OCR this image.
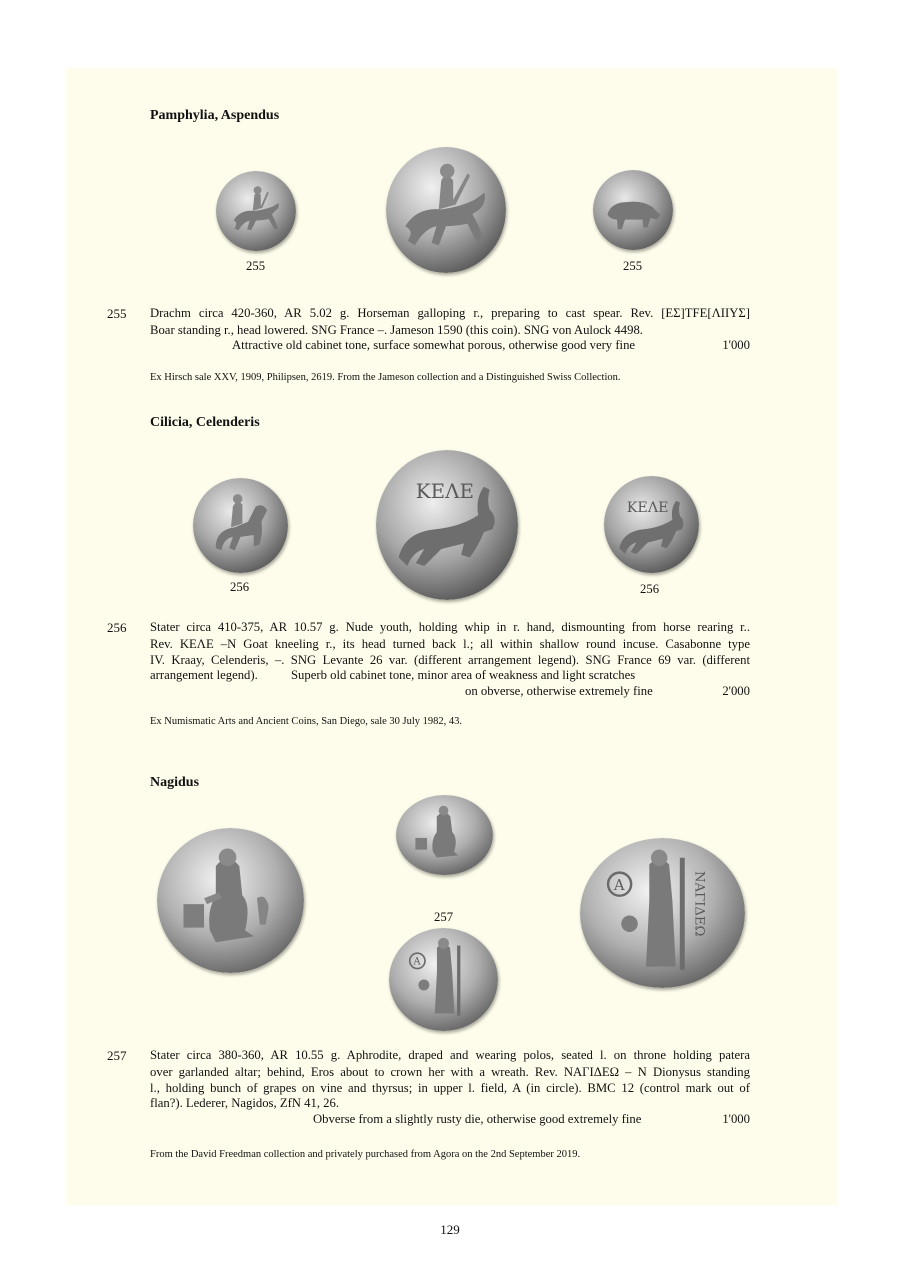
Pamphylia, Aspendus
255	255
255 Drachm circa 420-360, AR 5.02 g. Horseman galloping r., preparing to cast spear. Rev. [ΕΣ]ΤFΕ[ΛΙΙΥΣ]
Boar standing r., head lowered. SNG France –. Jameson 1590 (this coin). SNG von Aulock 4498.
Attractive old cabinet tone, surface somewhat porous, otherwise good very fine	1'000
Ex Hirsch sale XXV, 1909, Philipsen, 2619. From the Jameson collection and a Distinguished Swiss Collection.
Cilicia, Celenderis
ΚΕΛΕ
ΚΕΛΕ
256	256
256 Stater circa 410-375, AR 10.57 g. Nude youth, holding whip in r. hand, dismounting from horse rearing r..
Rev. ΚΕΛΕ –Ν Goat kneeling r., its head turned back l.; all within shallow round incuse. Casabonne type
IV. Kraay, Celenderis, –. SNG Levante 26 var. (different arrangement legend). SNG France 69 var. (different
arrangement legend).	Superb old cabinet tone, minor area of weakness and light scratches
on obverse, otherwise extremely fine	2'000
Ex Numismatic Arts and Ancient Coins, San Diego, sale 30 July 1982, 43.
Nagidus
257
A
A	ΝΑΓΙΔΕΩ
257 Stater circa 380-360, AR 10.55 g. Aphrodite, draped and wearing polos, seated l. on throne holding patera
over garlanded altar; behind, Eros about to crown her with a wreath. Rev. ΝΑΓΙΔΕΩ – Ν Dionysus standing
l., holding bunch of grapes on vine and thyrsus; in upper l. field, A (in circle). BMC 12 (control mark out of
flan?). Lederer, Nagidos, ZfN 41, 26.
Obverse from a slightly rusty die, otherwise good extremely fine	1'000
From the David Freedman collection and privately purchased from Agora on the 2nd September 2019.
129
